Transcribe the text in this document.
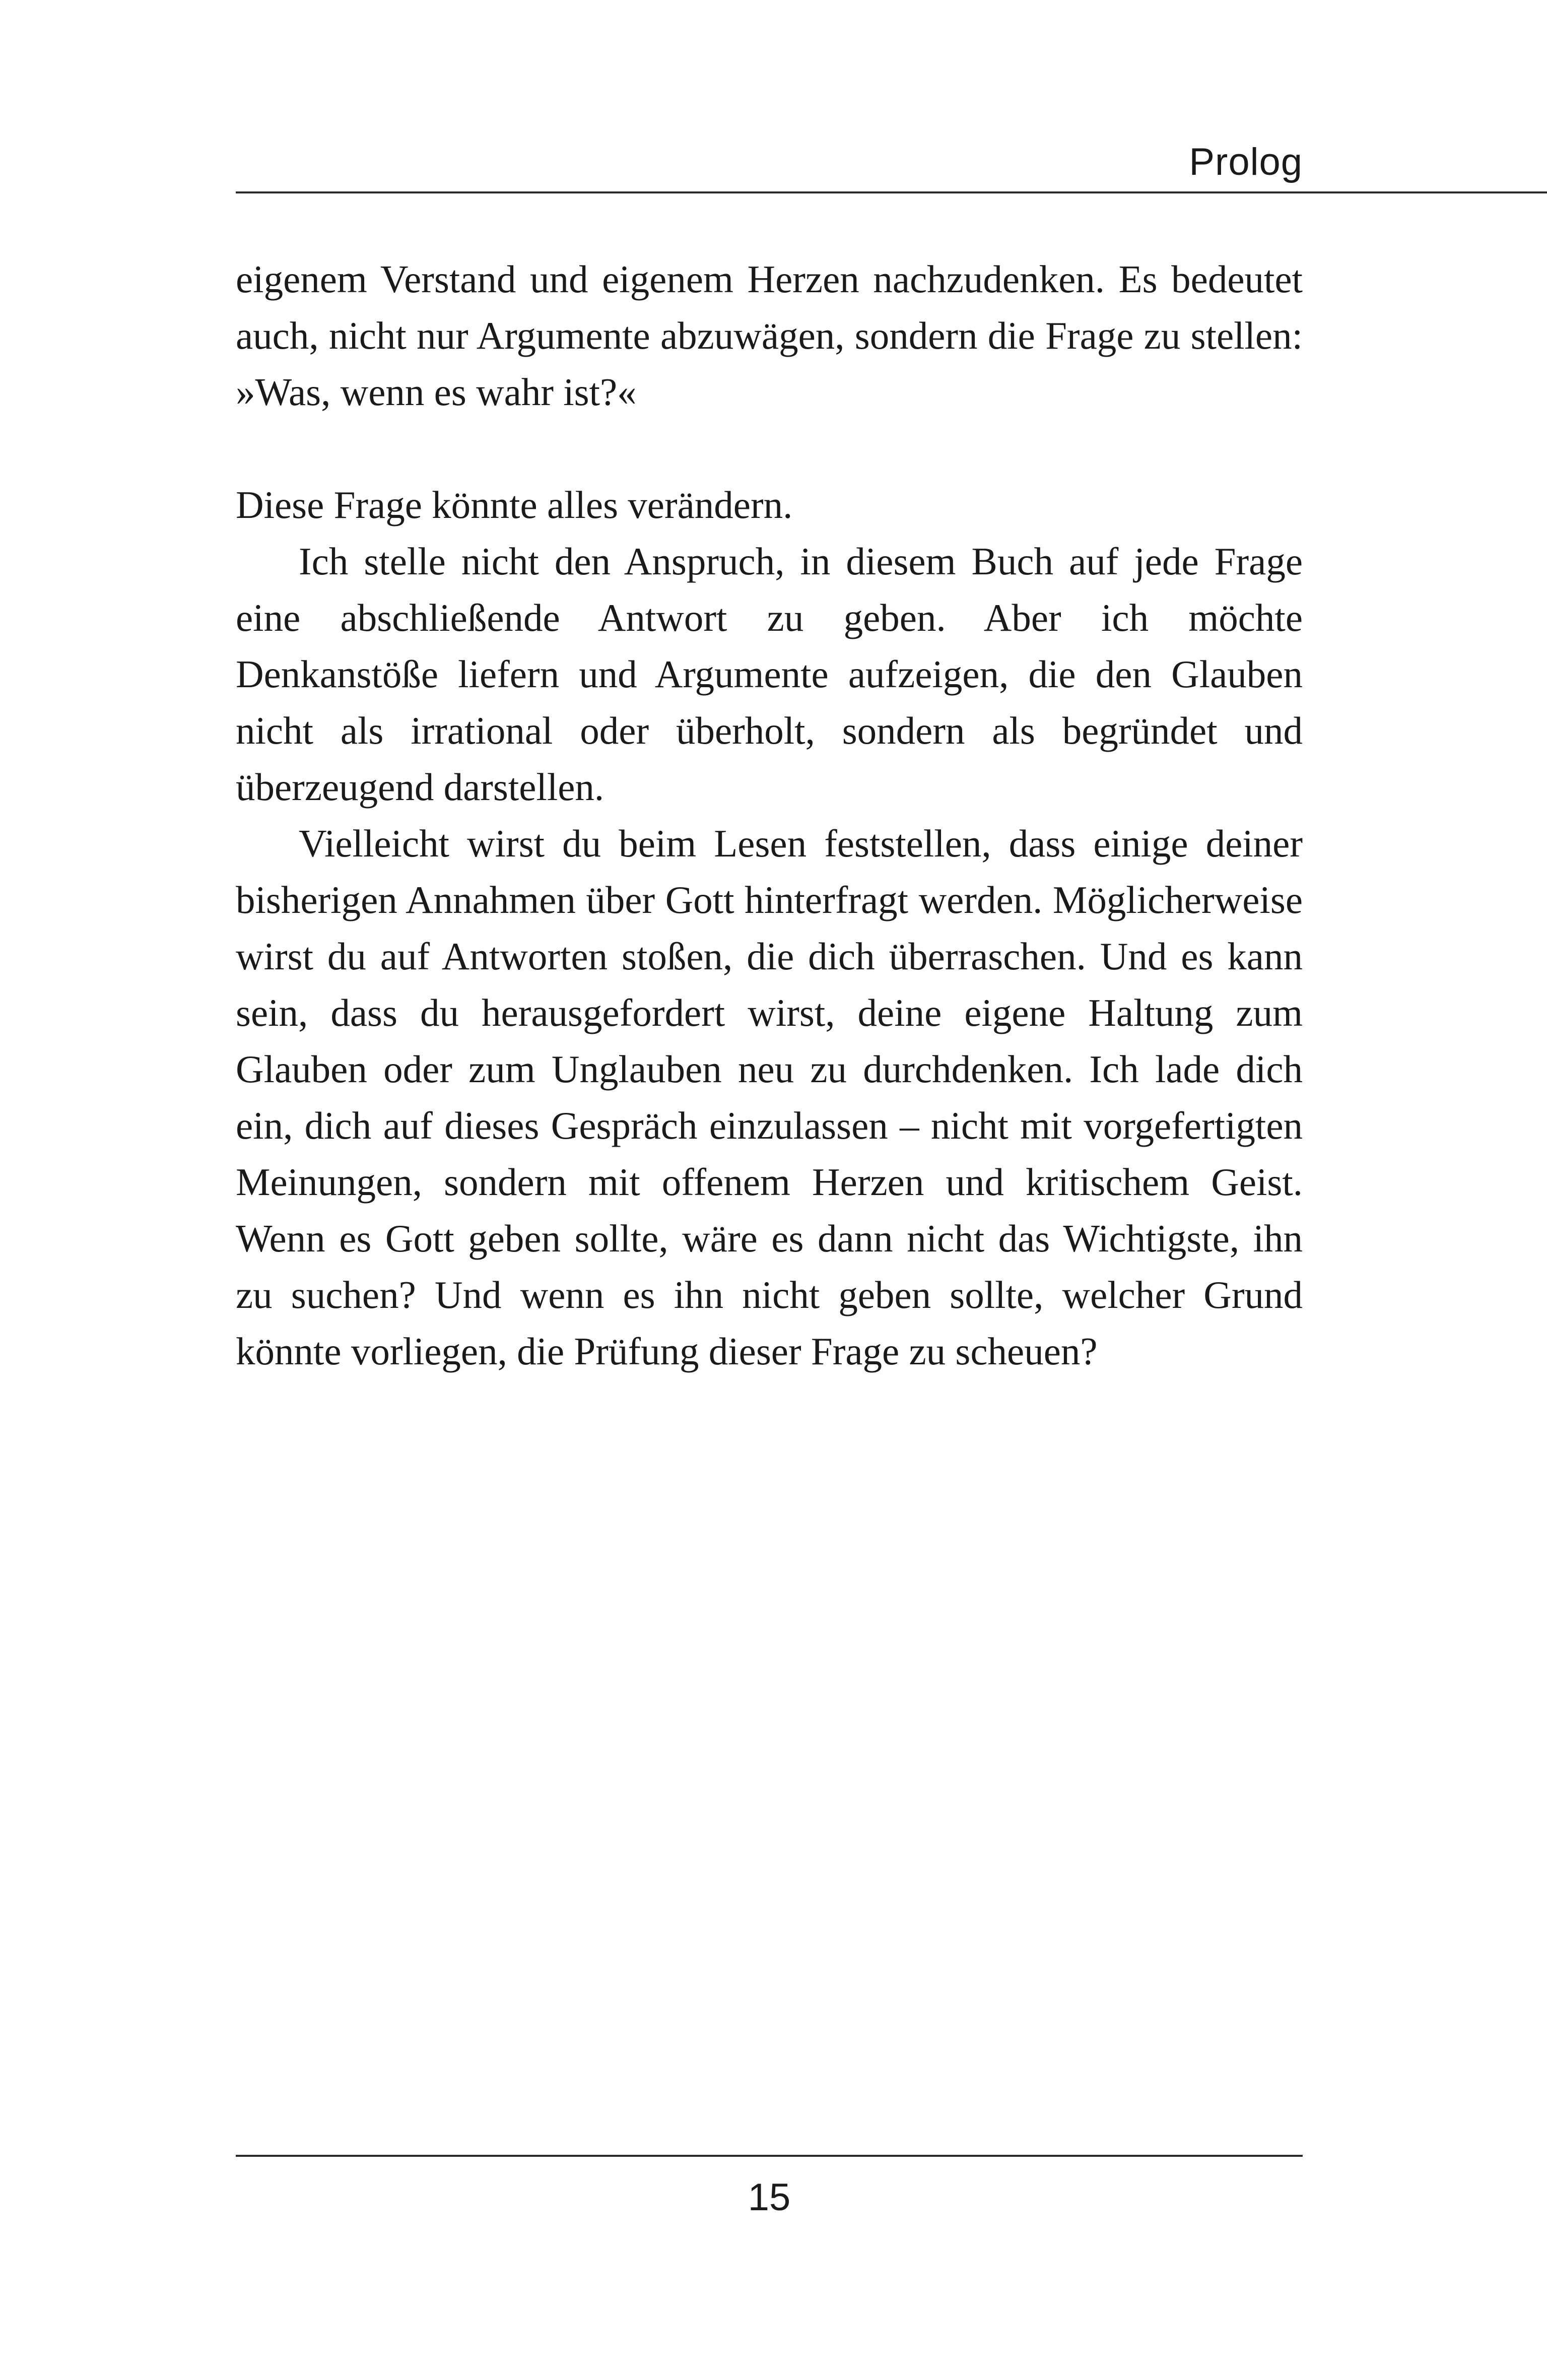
Prolog

eigenem Verstand und eigenem Herzen nachzudenken. Es bedeutet auch, nicht nur Argumente abzuwägen, sondern die Frage zu stellen: »Was, wenn es wahr ist?«

Diese Frage könnte alles verändern.

Ich stelle nicht den Anspruch, in diesem Buch auf jede Frage eine abschließende Antwort zu geben. Aber ich möchte Denkanstöße liefern und Argumente aufzeigen, die den Glauben nicht als irrational oder überholt, sondern als begründet und überzeugend darstellen.

Vielleicht wirst du beim Lesen feststellen, dass einige deiner bisherigen Annahmen über Gott hinterfragt werden. Möglicherweise wirst du auf Antworten stoßen, die dich überraschen. Und es kann sein, dass du herausgefordert wirst, deine eigene Haltung zum Glauben oder zum Unglauben neu zu durchdenken. Ich lade dich ein, dich auf dieses Gespräch einzulassen – nicht mit vorgefertigten Meinungen, sondern mit offenem Herzen und kritischem Geist. Wenn es Gott geben sollte, wäre es dann nicht das Wichtigste, ihn zu suchen? Und wenn es ihn nicht geben sollte, welcher Grund könnte vorliegen, die Prüfung dieser Frage zu scheuen?

15
